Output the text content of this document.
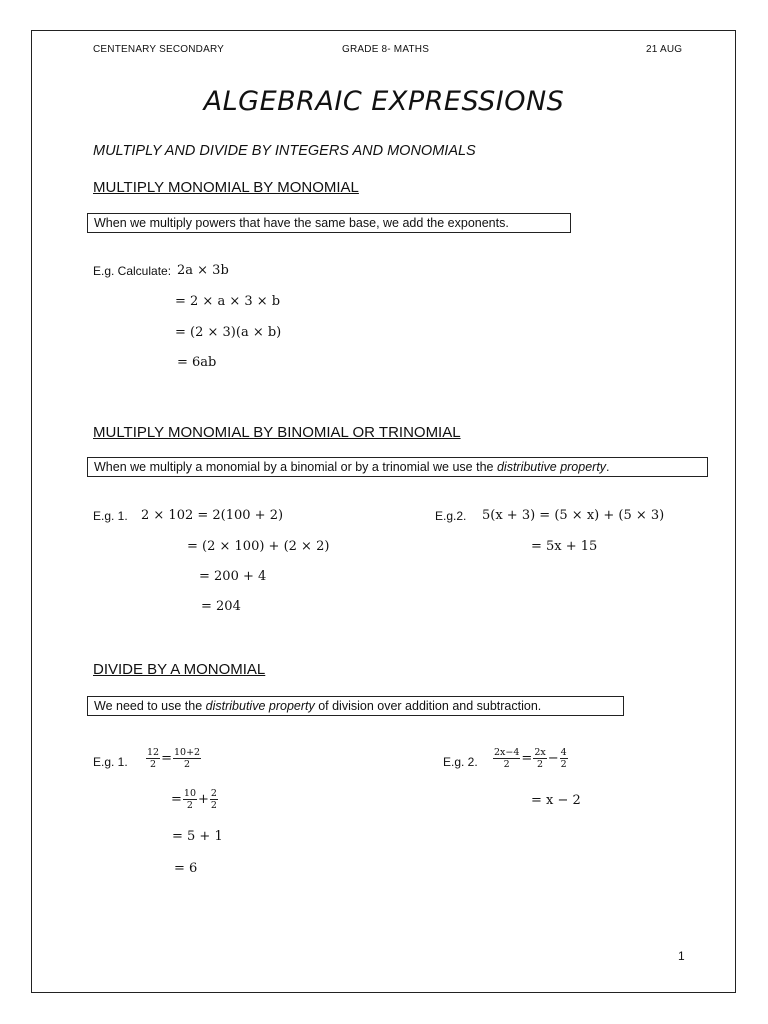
CENTENARY SECONDARY	GRADE 8- MATHS	21 AUG
ALGEBRAIC EXPRESSIONS
MULTIPLY AND DIVIDE BY INTEGERS AND MONOMIALS
MULTIPLY MONOMIAL BY MONOMIAL
When we multiply powers that have the same base, we add the exponents.
E.g. Calculate: 2a × 3b
= 2 × a × 3 × b
= (2 × 3)(a × b)
= 6ab
MULTIPLY MONOMIAL BY BINOMIAL OR TRINOMIAL
When we multiply a monomial by a binomial or by a trinomial we use the distributive property.
E.g. 1. 2 × 102 = 2(100 + 2)
= (2 × 100) + (2 × 2)
= 200 + 4
= 204
E.g.2. 5(x + 3) = (5 × x) + (5 × 3)
= 5x + 15
DIVIDE BY A MONOMIAL
We need to use the distributive property of division over addition and subtraction.
E.g. 1. $\frac{12}{2} = \frac{10+2}{2}$
= $\frac{10}{2} + \frac{2}{2}$
= 5 + 1
= 6
E.g. 2. $\frac{2x-4}{2} = \frac{2x}{2} - \frac{4}{2}$
= x − 2
1
